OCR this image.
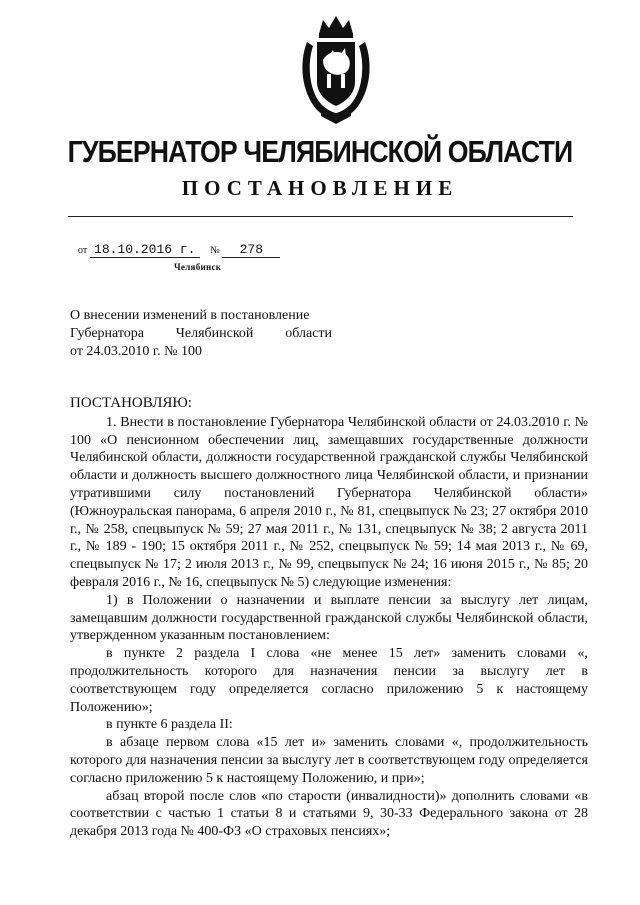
ГУБЕРНАТОР ЧЕЛЯБИНСКОЙ ОБЛАСТИ
ПОСТАНОВЛЕНИЕ
от 18.10.2016 г. № 278
Челябинск
О внесении изменений в постановление
Губернатора Челябинской области
от 24.03.2010 г. № 100

ПОСТАНОВЛЯЮ:

1. Внести в постановление Губернатора Челябинской области от 24.03.2010 г. № 100 «О пенсионном обеспечении лиц, замещавших государственные должности Челябинской области, должности государственной гражданской службы Челябинской области и должность высшего должностного лица Челябинской области, и признании утратившими силу постановлений Губернатора Челябинской области» (Южноуральская панорама, 6 апреля 2010 г., № 81, спецвыпуск № 23; 27 октября 2010 г., № 258, спецвыпуск № 59; 27 мая 2011 г., № 131, спецвыпуск № 38; 2 августа 2011 г., № 189 - 190; 15 октября 2011 г., № 252, спецвыпуск № 59; 14 мая 2013 г., № 69, спецвыпуск № 17; 2 июля 2013 г., № 99, спецвыпуск № 24; 16 июня 2015 г., № 85; 20 февраля 2016 г., № 16, спецвыпуск № 5) следующие изменения:

1) в Положении о назначении и выплате пенсии за выслугу лет лицам, замещавшим должности государственной гражданской службы Челябинской области, утвержденном указанным постановлением:

в пункте 2 раздела I слова «не менее 15 лет» заменить словами «, продолжительность которого для назначения пенсии за выслугу лет в соответствующем году определяется согласно приложению 5 к настоящему Положению»;

в пункте 6 раздела II:

в абзаце первом слова «15 лет и» заменить словами «, продолжительность которого для назначения пенсии за выслугу лет в соответствующем году определяется согласно приложению 5 к настоящему Положению, и при»;

абзац второй после слов «по старости (инвалидности)» дополнить словами «в соответствии с частью 1 статьи 8 и статьями 9, 30-33 Федерального закона от 28 декабря 2013 года № 400-ФЗ «О страховых пенсиях»;
